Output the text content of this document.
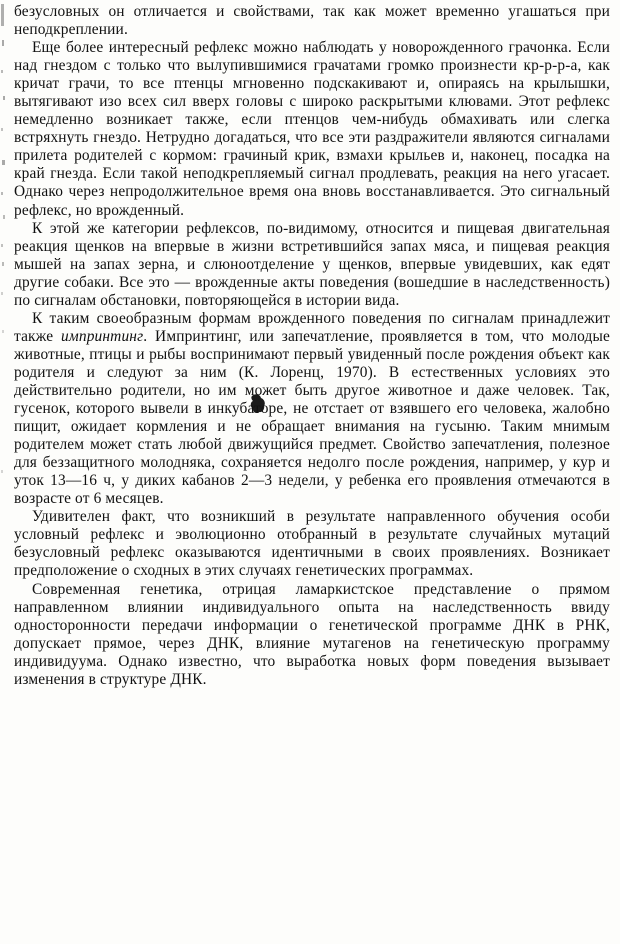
безусловных он отличается и свойствами, так как может временно угашаться при неподкреплении.

Еще более интересный рефлекс можно наблюдать у новорожденного грачонка. Если над гнездом с только что вылупившимися грачатами громко произнести кр-р-р-а, как кричат грачи, то все птенцы мгновенно подскакивают и, опираясь на крылышки, вытягивают изо всех сил вверх головы с широко раскрытыми клювами. Этот рефлекс немедленно возникает также, если птенцов чем-нибудь обмахивать или слегка встряхнуть гнездо. Нетрудно догадаться, что все эти раздражители являются сигналами прилета родителей с кормом: грачиный крик, взмахи крыльев и, наконец, посадка на край гнезда. Если такой неподкрепляемый сигнал продлевать, реакция на него угасает. Однако через непродолжительное время она вновь восстанавливается. Это сигнальный рефлекс, но врожденный.

К этой же категории рефлексов, по-видимому, относится и пищевая двигательная реакция щенков на впервые в жизни встретившийся запах мяса, и пищевая реакция мышей на запах зерна, и слюноотделение у щенков, впервые увидевших, как едят другие собаки. Все это — врожденные акты поведения (вошедшие в наследственность) по сигналам обстановки, повторяющейся в истории вида.

К таким своеобразным формам врожденного поведения по сигналам принадлежит также импринтинг. Импринтинг, или запечатление, проявляется в том, что молодые животные, птицы и рыбы воспринимают первый увиденный после рождения объект как родителя и следуют за ним (К. Лоренц, 1970). В естественных условиях это действительно родители, но им может быть другое животное и даже человек. Так, гусенок, которого вывели в инкубаторе, не отстает от взявшего его человека, жалобно пищит, ожидает кормления и не обращает внимания на гусыню. Таким мнимым родителем может стать любой движущийся предмет. Свойство запечатления, полезное для беззащитного молодняка, сохраняется недолго после рождения, например, у кур и уток 13—16 ч, у диких кабанов 2—3 недели, у ребенка его проявления отмечаются в возрасте от 6 месяцев.

Удивителен факт, что возникший в результате направленного обучения особи условный рефлекс и эволюционно отобранный в результате случайных мутаций безусловный рефлекс оказываются идентичными в своих проявлениях. Возникает предположение о сходных в этих случаях генетических программах.

Современная генетика, отрицая ламаркистское представление о прямом направленном влиянии индивидуального опыта на наследственность ввиду односторонности передачи информации о генетической программе ДНК в РНК, допускает прямое, через ДНК, влияние мутагенов на генетическую программу индивидуума. Однако известно, что выработка новых форм поведения вызывает изменения в структуре ДНК.
